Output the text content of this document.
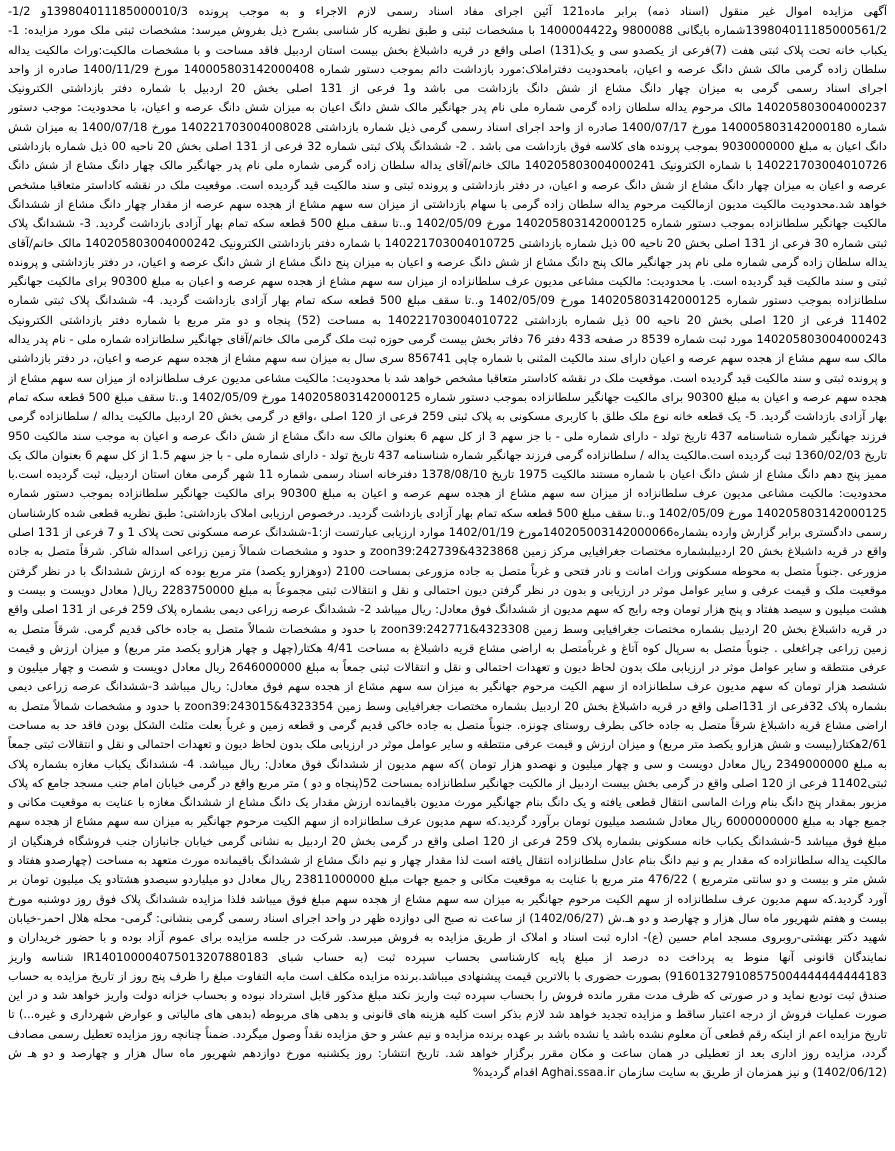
آگهی مزایده اموال غیر منقول (اسناد ذمه) برابر ماده121 آئین اجرای مفاد اسناد رسمی لازم الاجراء و به موجب پرونده 139804011185000010/3و 1/2-139804011185000561/2شماره بایگانی 9800088 و1400004422 با مشخصات ثبتی و طبق نظریه کار شناسی بشرح ذیل بفروش میرسد: مشخصات ثبتی ملک مورد مزایده: 1-یکباب خانه تحت پلاک ثبتی هفت (7)فرعی از یکصدو سی و یک(131) اصلی واقع در قریه داشبلاغ بخش بیست استان اردبیل فاقد مساحت و با مشخصات مالکیت:وراث مالکیت یداله سلطان زاده گرمی مالک شش دانگ عرصه و اعیان، بامحدودیت دفتراملاک:مورد بازداشت دائم بموجب دستور شماره 140005803142000408 مورخ 1400/11/29 صادره از واحد اجرای اسناد رسمی گرمی به میزان چهار دانگ مشاع از شش دانگ بازداشت می باشد و1 فرعی از 131 اصلی بخش 20 اردبیل با شماره دفتر بازداشتی الکترونیک 140205803004000237 مالک مرحوم یداله سلطان زاده گرمی شماره ملی نام پدر جهانگیر مالک شش دانگ اعیان به میزان شش دانگ عرصه و اعیان، با محدودیت: موجب دستور شماره 140005803142000180 مورخ 1400/07/17 صادره از واحد اجرای اسناد رسمی گرمی ذیل شماره بازداشتی 140221703004008028 مورخ 1400/07/18 به میزان شش دانگ اعیان به مبلغ 9030000000 بموجب پرونده های کلاسه فوق بازداشت می باشد . 2- ششدانگ پلاک ثبتی شماره 32 فرعی از 131 اصلی بخش 20 ناحیه 00 ذیل شماره بازداشتی 140221703004010726 با شماره الکترونیک 140205803004000241 مالک خانم/آقای یداله سلطان زاده گرمی شماره ملی نام پدر جهانگیر مالک چهار دانگ مشاع از شش دانگ عرصه و اعیان به میزان چهار دانگ مشاع از شش دانگ عرصه و اعیان، در دفتر بازداشتی و پرونده ثبتی و سند مالکیت قید گردیده است. موقعیت ملک در نقشه کاداستر متعاقبا مشخص خواهد شد.محدودیت مالکیت مدیون ازمالکیت مرحوم یداله سلطان زاده گرمی با سهام بازداشتی از میزان سه سهم مشاع از هجده سهم عرصه از مقدار چهار دانگ مشاع از ششدانگ مالکیت جهانگیر سلطانزاده بموجب دستور شماره 140205803142000125 مورخ 1402/05/09 و..تا سقف مبلغ 500 قطعه سکه تمام بهار آزادی بازداشت گردید. 3- ششدانگ پلاک ثبتی شماره 30 فرعی از 131 اصلی بخش 20 ناحیه 00 ذیل شماره بازداشتی 140221703004010725 با شماره دفتر بازداشتی الکترونیک 140205803004000242 مالک خانم/آقای یداله سلطان زاده گرمی شماره ملی نام پدر جهانگیر مالک پنج دانگ مشاع از شش دانگ عرصه و اعیان به میزان پنج دانگ مشاع از شش دانگ عرصه و اعیان، در دفتر بازداشتی و پرونده ثبتی و سند مالکیت قید گردیده است. با محدودیت: مالکیت مشاعی مدیون عرف سلطانزاده از میزان سه سهم مشاع از هجده سهم عرصه و اعیان به مبلغ 90300 برای مالکیت جهانگیر سلطانزاده بموجب دستور شماره 140205803142000125 مورخ 1402/05/09 و..تا سقف مبلغ 500 قطعه سکه تمام بهار آزادی بازداشت گردید. 4- ششدانگ پلاک ثبتی شماره 11402 فرعی از 120 اصلی بخش 20 ناحیه 00 ذیل شماره بازداشتی 140221703004010722 به مساحت (52) پنجاه و دو متر مربع با شماره دفتر بازداشتی الکترونیک 140205803004000243 مورد ثبت شماره 8539 در صفحه 433 دفتر 76 دفاتر بخش بیست گرمی حوزه ثبت ملک گرمی مالک خانم/آقای جهانگیر سلطانزاده شماره ملی - نام پدر یداله مالک سه سهم مشاع از هجده سهم عرصه و اعیان دارای سند مالکیت المثنی با شماره چاپی 856741 سری سال به میزان سه سهم مشاع از هجده سهم عرصه و اعیان، در دفتر بازداشتی و پرونده ثبتی و سند مالکیت قید گردیده است. موقعیت ملک در نقشه کاداستر متعاقبا مشخص خواهد شد با محدودیت: مالکیت مشاعی مدیون عرف سلطانزاده از میزان سه سهم مشاع از هجده سهم عرصه و اعیان به مبلغ 90300 برای مالکیت جهانگیر سلطانزاده بموجب دستور شماره 140205803142000125 مورخ 1402/05/09 و..تا سقف مبلغ 500 قطعه سکه تمام بهار آزادی بازداشت گردید. 5- یک قطعه خانه نوع ملک طلق با کاربری مسکونی به پلاک ثبتی 259 فرعی از 120 اصلی ،واقع در گرمی بخش 20 اردبیل مالکیت یداله / سلطانزاده گرمی فرزند جهانگیر شماره شناسنامه 437 تاریخ تولد - دارای شماره ملی - با جز سهم 3 از کل سهم 6 بعنوان مالک سه دانگ مشاع از شش دانگ عرصه و اعیان به موجب سند مالکیت 950 تاریخ 1360/02/03 ثبت گردیده است.مالکیت یداله / سلطانزاده گرمی فرزند جهانگیر شماره شناسنامه 437 تاریخ تولد - دارای شماره ملی - با جز سهم 1.5 از کل سهم 6 بعنوان مالک یک ممیز پنج دهم دانگ مشاع از شش دانگ اعیان با شماره مستند مالکیت 1975 تاریخ 1378/08/10 دفترخانه اسناد رسمی شماره 11 شهر گرمی مغان استان اردبیل، ثبت گردیده است.با محدودیت: مالکیت مشاعی مدیون عرف سلطانزاده از میزان سه سهم مشاع از هجده سهم عرصه و اعیان به مبلغ 90300 برای مالکیت جهانگیر سلطانزاده بموجب دستور شماره 140205803142000125 مورخ 1402/05/09 و..تا سقف مبلغ 500 قطعه سکه تمام بهار آزادی بازداشت گردید. درخصوص ارزیابی املاک بازداشتی: طبق نظریه قطعی شده کارشناسان رسمی دادگستری برابر گزارش وارده بشماره140205003142000066مورخ 1402/01/19 موارد ارزیابی عبارتست از:1-ششدانگ عرصه مسکونی تحت پلاک 1 و 7 فرعی از 131 اصلی واقع در قریه داشبلاغ بخش 20 اردبیلبشماره مختصات جغرافیایی مرکز زمین zoon39:242739&4323868 و حدود و مشخصات شمالاً زمین زراعی اسداله شاکر. شرقاً متصل به جاده مزورعی .جنوباً متصل به محوطه مسکونی وراث امانت و نادر فتحی و غرباً متصل به جاده مزورعی بمساحت 2100 (دوهزارو یکصد) متر مربع بوده که ارزش ششدانگ با در نظر گرفتن موقعیت ملک و قیمت عرفی و سایر عوامل موثر در ارزیابی و بدون در نظر گرفتن دیون احتمالی و نقل و انتقالات ثبتی مجموعاً به مبلغ 2283750000 ریال( معادل دویست و بیست و هشت میلیون و سیصد هفتاد و پنج هزار تومان وجه رایج که سهم مدیون از ششدانگ فوق معادل: ریال میباشد 2- ششدانگ عرصه زراعی دیمی بشماره پلاک 259 فرعی از 131 اصلی واقع در قریه داشبلاغ بخش 20 اردبیل بشماره مختصات جغرافیایی وسط زمین zoon39:242771&4323308 با حدود و مشخصات شمالاً متصل به جاده خاکی قدیم گرمی. شرقاً متصل به زمین زراعی چراغعلی . جنوباً متصل به سرپال کوه آتاغ و غرباًمتصل به اراضی مشاع قریه داشبلاغ به مساحت 4/41 هکتار(چهل و چهار هزارو یکصد متر مربع) و میزان ارزش و قیمت عرفی منتطقه و سایر عوامل موثر در ارزیابی ملک بدون لحاظ دیون و تعهدات احتمالی و نقل و انتقالات ثبتی جمعاً به مبلغ 2646000000 ریال معادل دویست و شصت و چهار میلیون و ششصد هزار تومان که سهم مدیون عرف سلطانزاده از سهم الکیت مرحوم جهانگیر به میزان سه سهم مشاع از هجده سهم فوق معادل: ریال میباشد 3-ششدانگ عرصه زراعی دیمی بشماره پلاک 32فرعی از 131اصلی واقع در قریه داشبلاغ بخش 20 اردبیل بشماره مختصات جغرافیایی وسط زمین zoon39:243015&4323354 با حدود و مشخصات شمالاً متصل به اراضی مشاع قریه داشبلاغ شرقاً متصل به جاده خاکی بطرف روستای چونزه. جنوباً متصل به جاده خاکی قدیم گرمی و قطعه زمین و غرباً بعلت مثلث الشکل بودن فاقد حد به مساحت 2/61هکتار(بیست و شش هزارو یکصد متر مربع) و میزان ارزش و قیمت عرفی منتطقه و سایر عوامل موثر در ارزیابی ملک بدون لحاظ دیون و تعهدات احتمالی و نقل و انتقالات ثبتی جمعاً به مبلغ 2349000000 ریال معادل دویست و سی و چهار میلیون و نهصدو هزار تومان )که سهم مدیون از ششدانگ فوق معادل: ریال میباشد. 4- ششدانگ یکباب مغازه بشماره پلاک ثبتی11402 فرعی از 120 اصلی واقع در گرمی بخش بیست اردبیل از مالکیت جهانگیر سلطانزاده بمساحت 52(پنجاه و دو ) متر مربع واقع در گرمی خیابان امام جنب مسجد جامع که پلاک مزبور بمقدار پنج دانگ بنام وراث الماسی انتقال قطعی یافته و یک دانگ بنام جهانگیر مورث مدیون باقیمانده ارزش مقدار یک دانگ مشاع از ششدانگ مغازه با عنایت به موقعیت مکانی و جمیع جهاد به مبلغ 6000000000 ریال معادل ششصد میلیون تومان برآورد گردید.که سهم مدیون عرف سلطانزاده از سهم الکیت مرحوم جهانگیر به میزان سه سهم مشاع از هجده سهم مبلغ فوق میباشد 5-ششدانگ یکباب خانه مسکونی بشماره پلاک 259 فرعی از 120 اصلی واقع در گرمی بخش 20 اردبیل به نشانی گرمی خیابان جانبازان جنب فروشگاه فرهنگیان از مالکیت یداله سلطانزاده که مقدار یم و نیم دانگ بنام عادل سلطانزاده انتقال یافته است لذا مقدار چهار و نیم دانگ مشاع از ششدانگ باقیمانده مورث متعهد به مساحت (چهارصدو هفتاد و شش متر و بیست و دو سانتی مترمربع ) 476/22 متر مربع با عنایت به موقعیت مکانی و جمیع جهات مبلغ 23811000000 ریال معادل دو میلیاردو سیصدو هشتادو یک میلیون تومان بر آورد گردید.که سهم مدیون عرف سلطانزاده از سهم الکیت مرحوم جهانگیر به میزان سه سهم مشاع از هجده سهم مبلغ فوق میباشد فلذا مزایده ششدانگ پلاک فوق روز دوشنبه مورخ بیست و هفتم شهریور ماه سال هزار و چهارصد و دو هـ.ش (1402/06/27) از ساعت نه صبح الی دوازده ظهر در واحد اجرای اسناد رسمی گرمی بنشانی: گرمی- محله هلال احمر-خیابان شهید دکتر بهشتی-روبروی مسجد امام حسین (ع)- اداره ثبت اسناد و املاک از طریق مزایده به فروش میرسد. شرکت در جلسه مزایده برای عموم آزاد بوده و با حضور خریداران و نمایندگان قانونی آنها منوط به پرداخت ده درصد از مبلغ پایه کارشناسی بحساب سپرده ثبت (به حساب شبای IR140100004075013207880183 شناسه واریز 916013279108575004444444444183) بصورت حضوری با بالاترین قیمت پیشنهادی میباشد.برنده مزایده مکلف است مابه التفاوت مبلغ را ظرف پنج روز از تاریخ مزایده به حساب صندق ثبت تودیع نماید و در صورتی که ظرف مدت مقرر مانده فروش را بحساب سپرده ثبت واریز نکند مبلغ مذکور قابل استرداد نبوده و بحساب خزانه دولت واریز خواهد شد و در این صورت عملیات فروش از درجه اعتبار ساقط و مزایده تجدید خواهد شد لازم بذکر است کلیه هزینه های قانونی و بدهی های مربوطه (بدهی های مالیاتی و عوارض شهرداری و غیره...) تا تاریخ مزایده اعم از اینکه رقم قطعی آن معلوم نشده باشد یا نشده باشد بر عهده برنده مزایده و نیم عشر و حق مزایده نقداً وصول میگردد. ضمناً چنانچه روز مزایده تعطیل رسمی مصادف گردد، مزایده روز اداری بعد از تعطیلی در همان ساعت و مکان مقرر برگزار خواهد شد. تاریخ انتشار: روز یکشنبه مورخ دوازدهم شهریور ماه سال هزار و چهارصد و دو هـ ش (1402/06/12) و نیز همزمان از طریق به سایت سازمان Aghai.ssaa.ir اقدام گردید%
